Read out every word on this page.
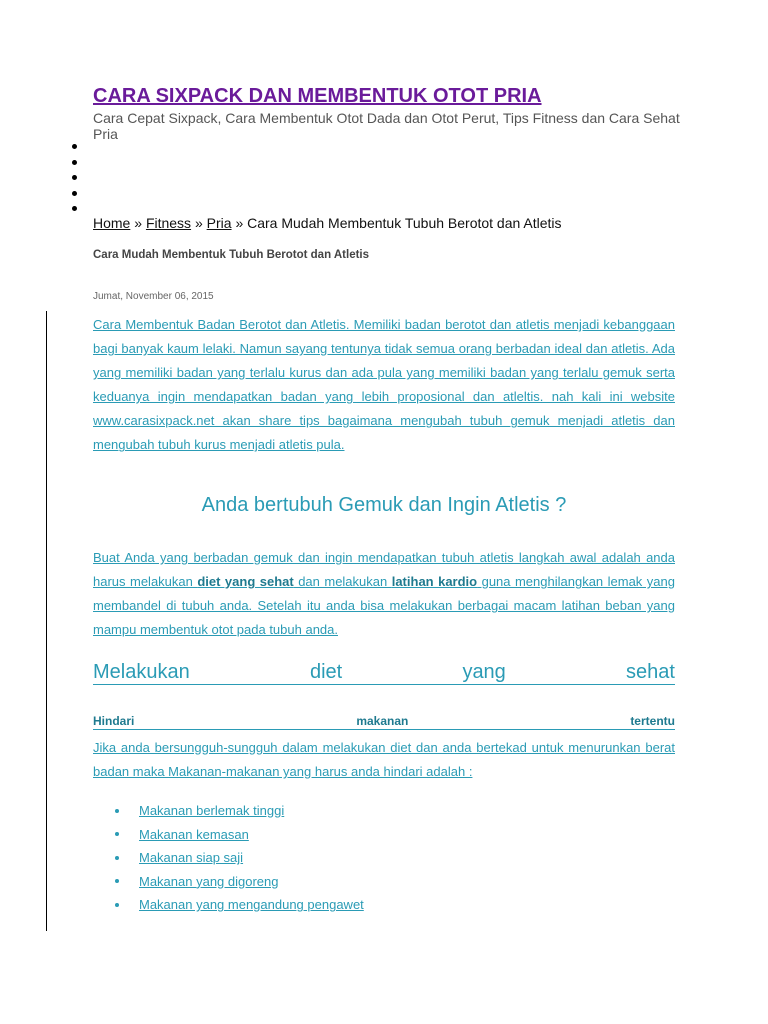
CARA SIXPACK DAN MEMBENTUK OTOT PRIA

Cara Cepat Sixpack, Cara Membentuk Otot Dada dan Otot Perut, Tips Fitness dan Cara Sehat Pria

Home » Fitness » Pria » Cara Mudah Membentuk Tubuh Berotot dan Atletis
Cara Mudah Membentuk Tubuh Berotot dan Atletis
Jumat, November 06, 2015

Cara Membentuk Badan Berotot dan Atletis. Memiliki badan berotot dan atletis menjadi kebanggaan bagi banyak kaum lelaki. Namun sayang tentunya tidak semua orang berbadan ideal dan atletis. Ada yang memiliki badan yang terlalu kurus dan ada pula yang memiliki badan yang terlalu gemuk serta keduanya ingin mendapatkan badan yang lebih proposional dan atleltis. nah kali ini website www.carasixpack.net akan share tips bagaimana mengubah tubuh gemuk menjadi atletis dan mengubah tubuh kurus menjadi atletis pula.

Anda bertubuh Gemuk dan Ingin Atletis ?

Buat Anda yang berbadan gemuk dan ingin mendapatkan tubuh atletis langkah awal adalah anda harus melakukan diet yang sehat dan melakukan latihan kardio guna menghilangkan lemak yang membandel di tubuh anda. Setelah itu anda bisa melakukan berbagai macam latihan beban yang mampu membentuk otot pada tubuh anda.

Melakukan	diet	yang	sehat
Hindari	makanan	tertentu

Jika anda bersungguh-sungguh dalam melakukan diet dan anda bertekad untuk menurunkan berat badan maka Makanan-makanan yang harus anda hindari adalah :

Makanan berlemak tinggi
Makanan kemasan
Makanan siap saji
Makanan yang digoreng
Makanan yang mengandung pengawet
